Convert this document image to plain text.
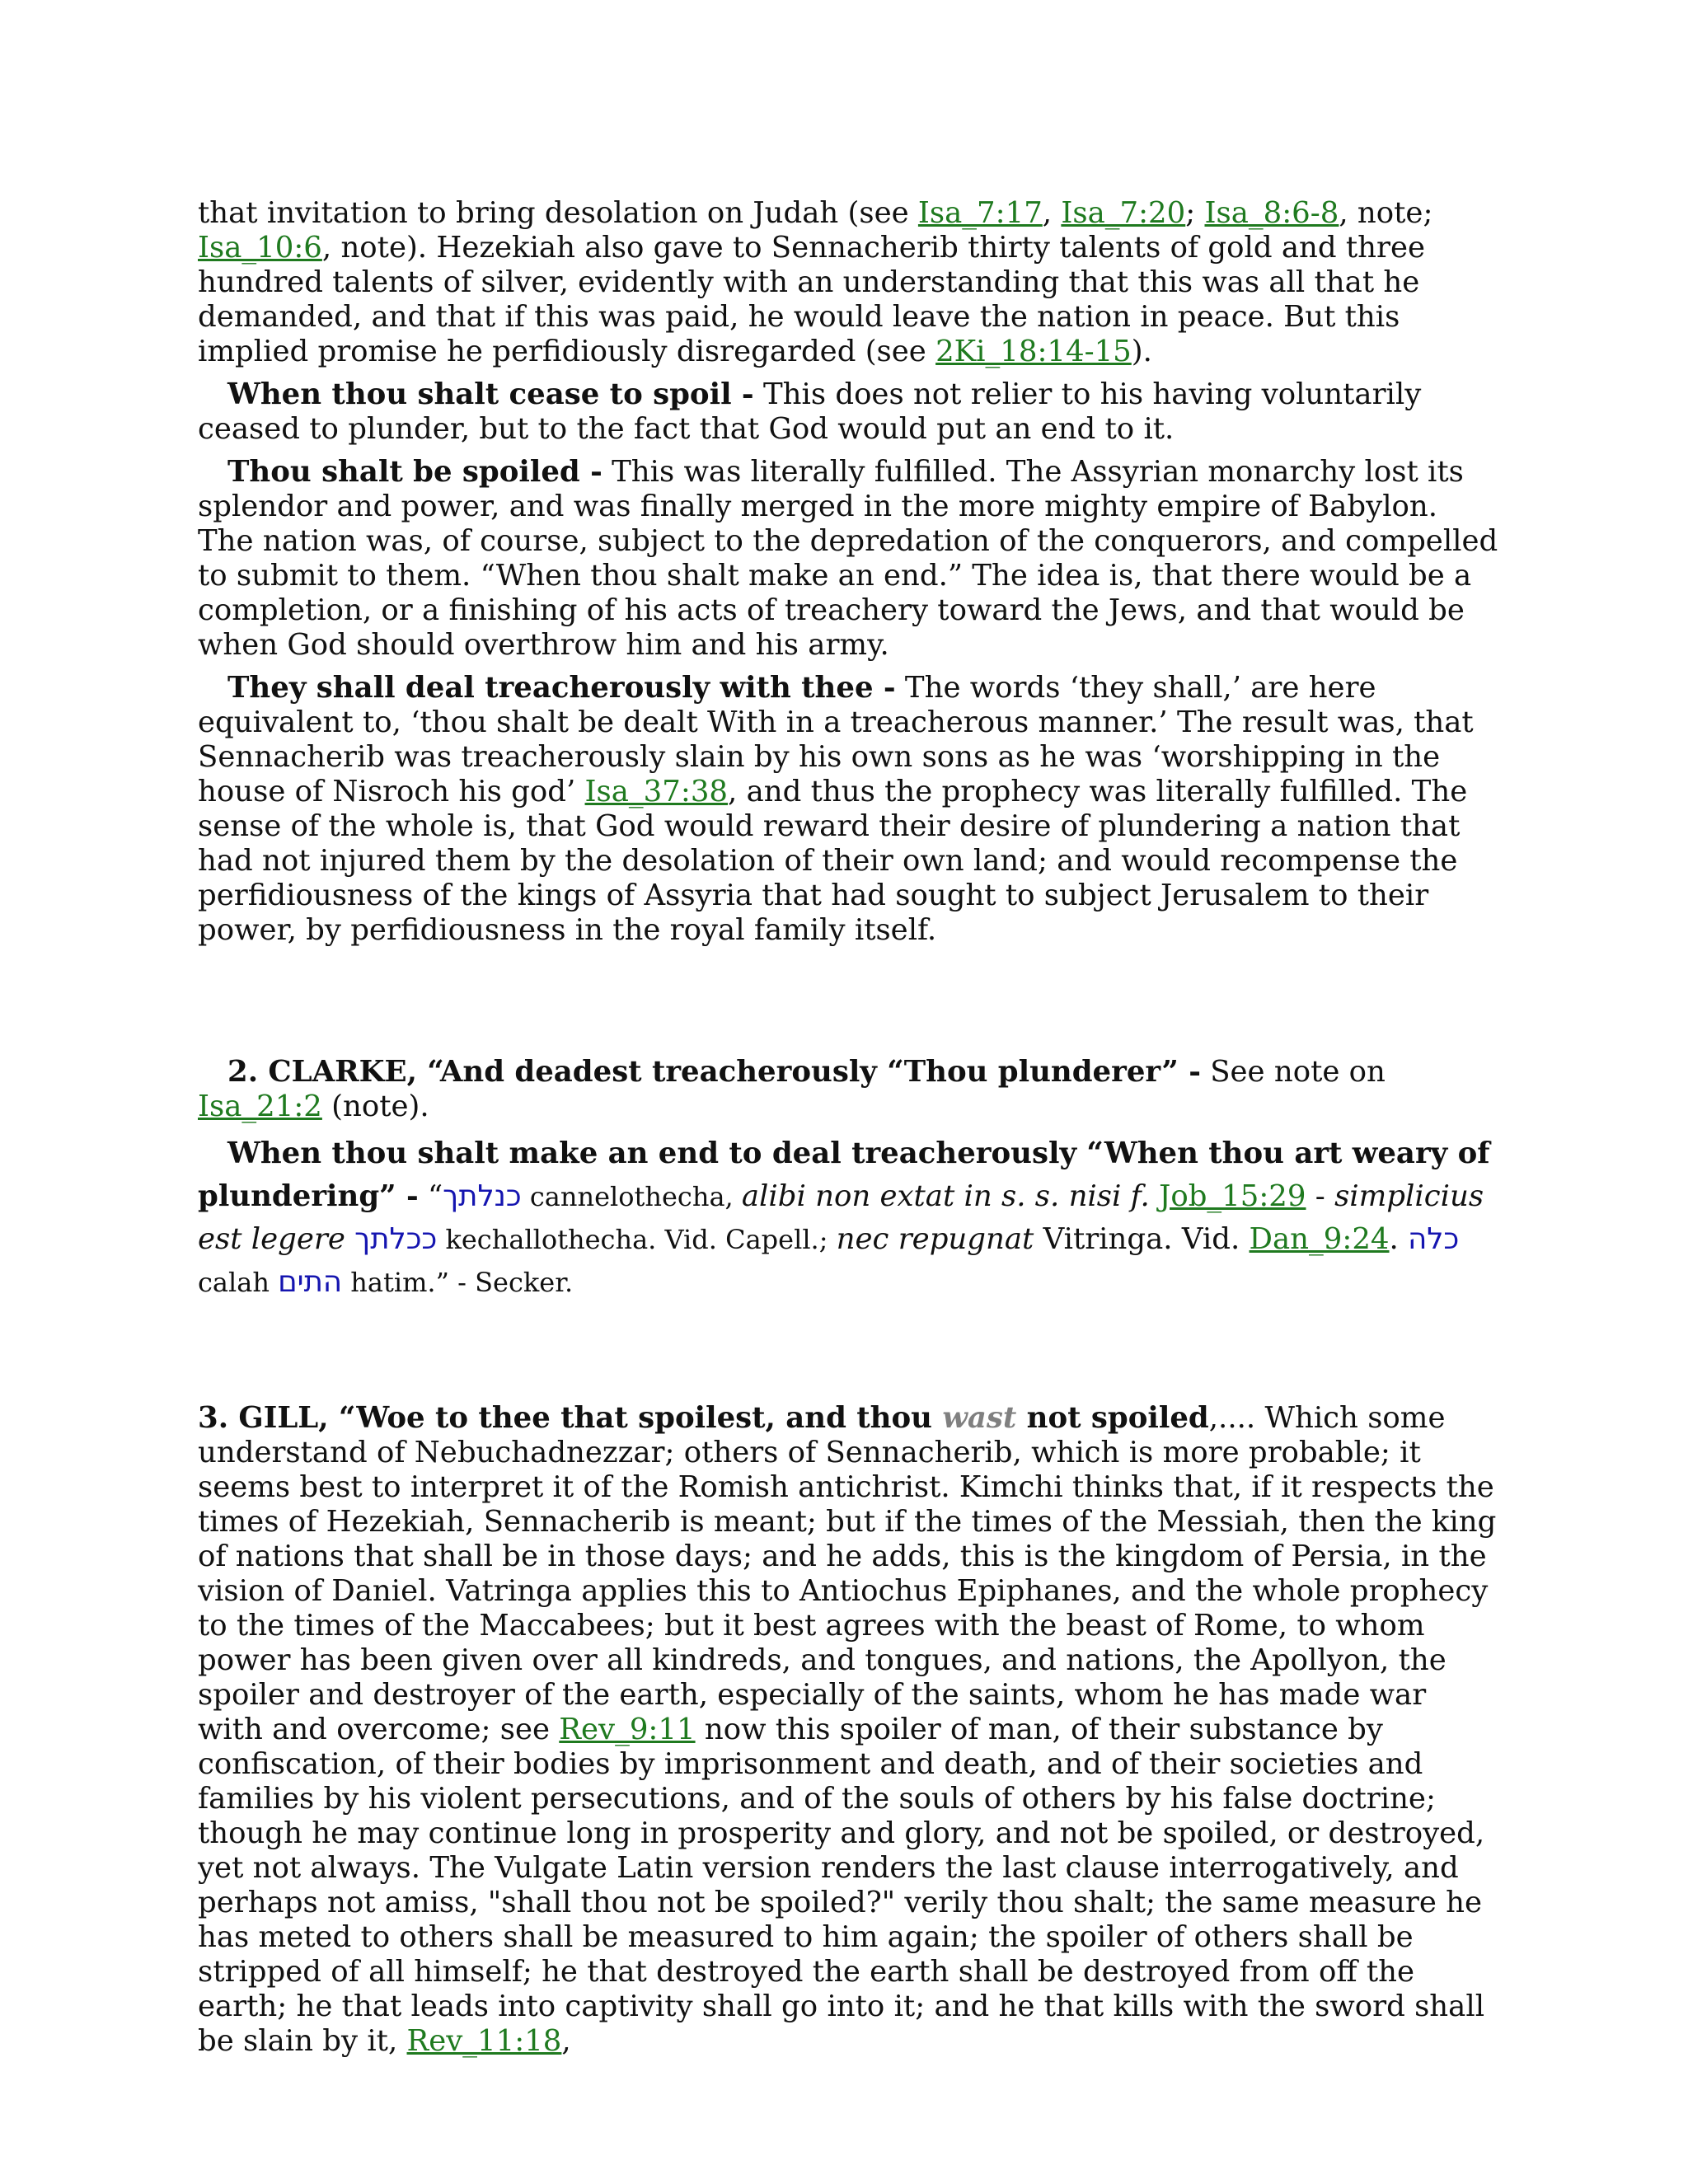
that invitation to bring desolation on Judah (see Isa_7:17, Isa_7:20; Isa_8:6-8, note; Isa_10:6, note). Hezekiah also gave to Sennacherib thirty talents of gold and three hundred talents of silver, evidently with an understanding that this was all that he demanded, and that if this was paid, he would leave the nation in peace. But this implied promise he perfidiously disregarded (see 2Ki_18:14-15).

When thou shalt cease to spoil - This does not relier to his having voluntarily ceased to plunder, but to the fact that God would put an end to it.

Thou shalt be spoiled - This was literally fulfilled. The Assyrian monarchy lost its splendor and power, and was finally merged in the more mighty empire of Babylon. The nation was, of course, subject to the depredation of the conquerors, and compelled to submit to them. “When thou shalt make an end.” The idea is, that there would be a completion, or a finishing of his acts of treachery toward the Jews, and that would be when God should overthrow him and his army.

They shall deal treacherously with thee - The words ‘they shall,’ are here equivalent to, ‘thou shalt be dealt With in a treacherous manner.’ The result was, that Sennacherib was treacherously slain by his own sons as he was ‘worshipping in the house of Nisroch his god’ Isa_37:38, and thus the prophecy was literally fulfilled. The sense of the whole is, that God would reward their desire of plundering a nation that had not injured them by the desolation of their own land; and would recompense the perfidiousness of the kings of Assyria that had sought to subject Jerusalem to their power, by perfidiousness in the royal family itself.

2. CLARKE, “And deadest treacherously “Thou plunderer” - See note on Isa_21:2 (note).

When thou shalt make an end to deal treacherously “When thou art weary of plundering” - “כנלתך cannelothecha, alibi non extat in s. s. nisi f. Job_15:29 - simplicius est legere ככלתך kechallothecha. Vid. Capell.; nec repugnat Vitringa. Vid. Dan_9:24. כלה calah התים hatim.” - Secker.

3. GILL, “Woe to thee that spoilest, and thou wast not spoiled,.... Which some understand of Nebuchadnezzar; others of Sennacherib, which is more probable; it seems best to interpret it of the Romish antichrist. Kimchi thinks that, if it respects the times of Hezekiah, Sennacherib is meant; but if the times of the Messiah, then the king of nations that shall be in those days; and he adds, this is the kingdom of Persia, in the vision of Daniel. Vatringa applies this to Antiochus Epiphanes, and the whole prophecy to the times of the Maccabees; but it best agrees with the beast of Rome, to whom power has been given over all kindreds, and tongues, and nations, the Apollyon, the spoiler and destroyer of the earth, especially of the saints, whom he has made war with and overcome; see Rev_9:11 now this spoiler of man, of their substance by confiscation, of their bodies by imprisonment and death, and of their societies and families by his violent persecutions, and of the souls of others by his false doctrine; though he may continue long in prosperity and glory, and not be spoiled, or destroyed, yet not always. The Vulgate Latin version renders the last clause interrogatively, and perhaps not amiss, "shall thou not be spoiled?" verily thou shalt; the same measure he has meted to others shall be measured to him again; the spoiler of others shall be stripped of all himself; he that destroyed the earth shall be destroyed from off the earth; he that leads into captivity shall go into it; and he that kills with the sword shall be slain by it, Rev_11:18,
